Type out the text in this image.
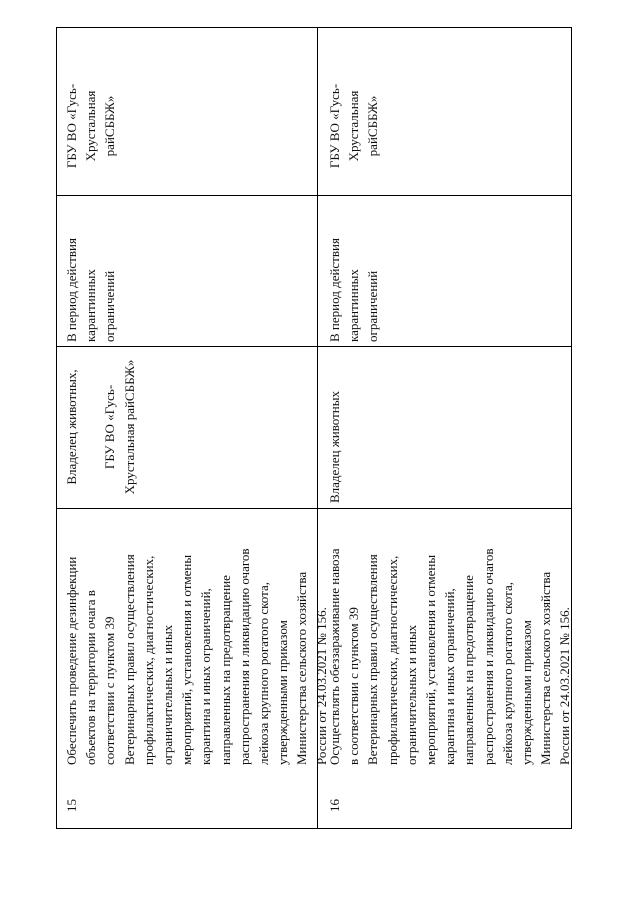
15
Обеспечить проведение дезинфекции объектов на территории очага в соответствии с пунктом 39 Ветеринарных правил осуществления профилактических, диагностических, ограничительных и иных мероприятий, установления и отмены карантина и иных ограничений, направленных на предотвращение распространения и ликвидацию очагов лейкоза крупного рогатого скота, утвержденными приказом Министерства сельского хозяйства России от 24.03.2021 № 156.
Владелец животных,
ГБУ ВО «Гусь- Хрустальная райСББЖ»
В период действия карантинных ограничений
ГБУ ВО «Гусь- Хрустальная райСББЖ»
16
Осуществлять обеззараживание навоза в соответствии с пунктом 39 Ветеринарных правил осуществления профилактических, диагностических, ограничительных и иных мероприятий, установления и отмены карантина и иных ограничений, направленных на предотвращение распространения и ликвидацию очагов лейкоза крупного рогатого скота, утвержденными приказом Министерства сельского хозяйства России от 24.03.2021 № 156.
Владелец животных
В период действия карантинных ограничений
ГБУ ВО «Гусь- Хрустальная райСББЖ»
